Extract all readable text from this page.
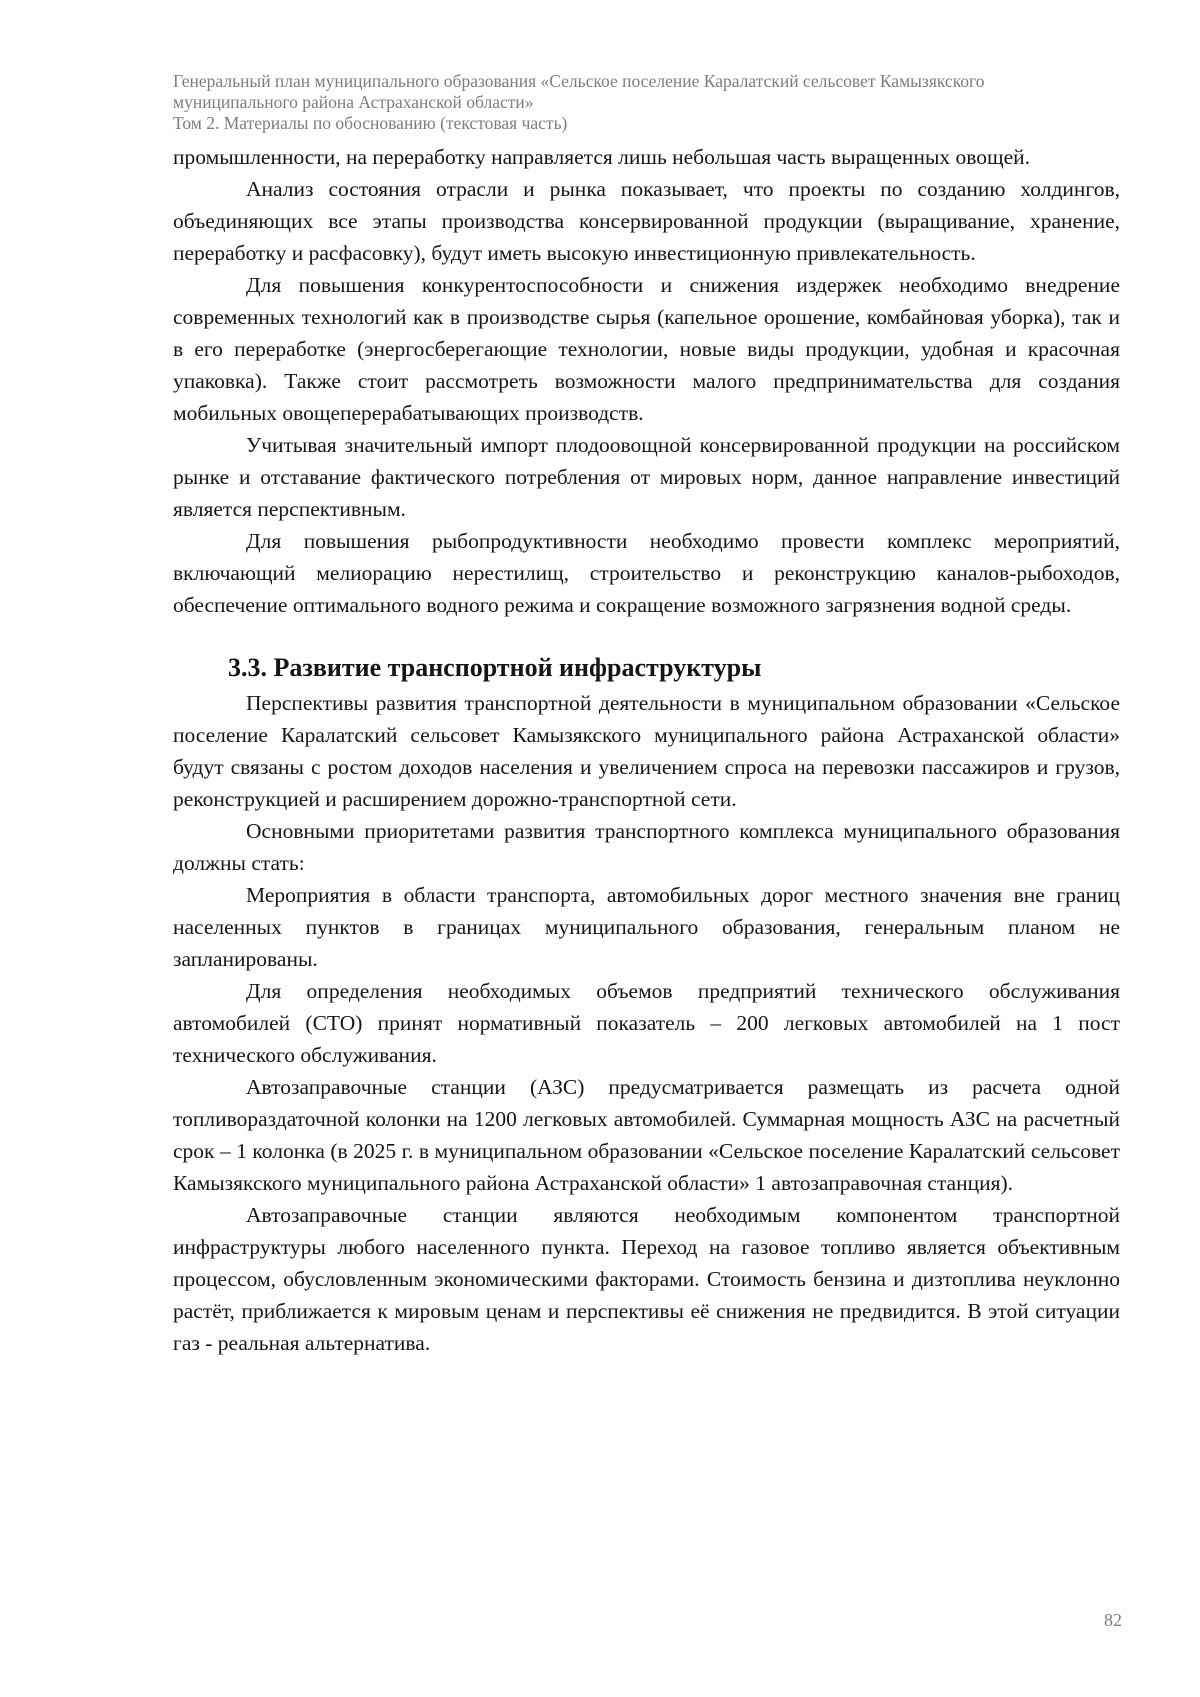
Генеральный план муниципального образования «Сельское поселение Каралатский сельсовет Камызякского
муниципального района Астраханской области»
Том 2. Материалы по обоснованию (текстовая часть)

промышленности, на переработку направляется лишь небольшая часть выращенных овощей.

Анализ состояния отрасли и рынка показывает, что проекты по созданию холдингов, объединяющих все этапы производства консервированной продукции (выращивание, хранение, переработку и расфасовку), будут иметь высокую инвестиционную привлекательность.

Для повышения конкурентоспособности и снижения издержек необходимо внедрение современных технологий как в производстве сырья (капельное орошение, комбайновая уборка), так и в его переработке (энергосберегающие технологии, новые виды продукции, удобная и красочная упаковка). Также стоит рассмотреть возможности малого предпринимательства для создания мобильных овощеперерабатывающих производств.

Учитывая значительный импорт плодоовощной консервированной продукции на российском рынке и отставание фактического потребления от мировых норм, данное направление инвестиций является перспективным.

Для повышения рыбопродуктивности необходимо провести комплекс мероприятий, включающий мелиорацию нерестилищ, строительство и реконструкцию каналов-рыбоходов, обеспечение оптимального водного режима и сокращение возможного загрязнения водной среды.

3.3. Развитие транспортной инфраструктуры

Перспективы развития транспортной деятельности в муниципальном образовании «Сельское поселение Каралатский сельсовет Камызякского муниципального района Астраханской области» будут связаны с ростом доходов населения и увеличением спроса на перевозки пассажиров и грузов, реконструкцией и расширением дорожно-транспортной сети.

Основными приоритетами развития транспортного комплекса муниципального образования должны стать:

Мероприятия в области транспорта, автомобильных дорог местного значения вне границ населенных пунктов в границах муниципального образования, генеральным планом не запланированы.

Для определения необходимых объемов предприятий технического обслуживания автомобилей (СТО) принят нормативный показатель – 200 легковых автомобилей на 1 пост технического обслуживания.

Автозаправочные станции (АЗС) предусматривается размещать из расчета одной топливораздаточной колонки на 1200 легковых автомобилей. Суммарная мощность АЗС на расчетный срок – 1 колонка (в 2025 г. в муниципальном образовании «Сельское поселение Каралатский сельсовет Камызякского муниципального района Астраханской области» 1 автозаправочная станция).

Автозаправочные станции являются необходимым компонентом транспортной инфраструктуры любого населенного пункта. Переход на газовое топливо является объективным процессом, обусловленным экономическими факторами. Стоимость бензина и дизтоплива неуклонно растёт, приближается к мировым ценам и перспективы её снижения не предвидится. В этой ситуации газ - реальная альтернатива.

82
